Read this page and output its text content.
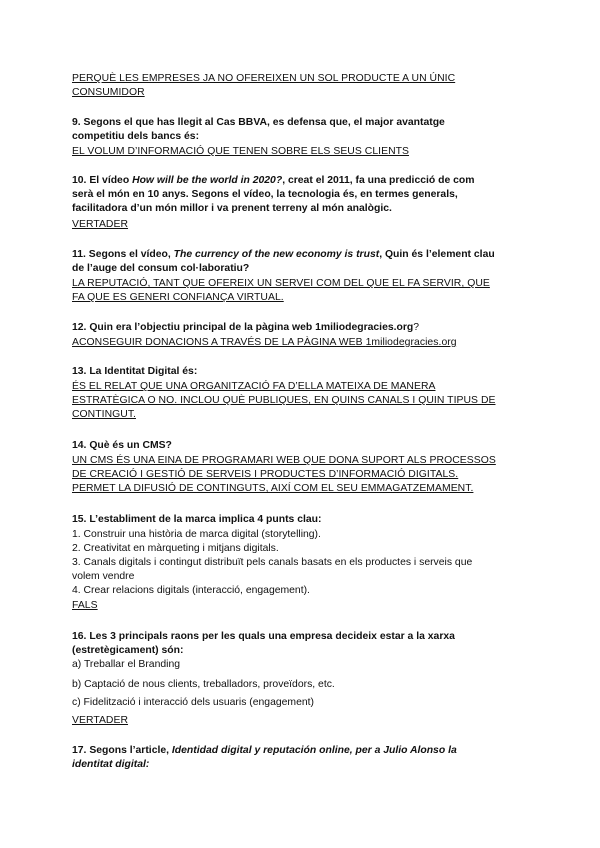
PERQUÈ LES EMPRESES JA NO OFEREIXEN UN SOL PRODUCTE A UN ÚNIC
CONSUMIDOR
9. Segons el que has llegit al Cas BBVA, es defensa que, el major avantatge
competitiu dels bancs és:
EL VOLUM D’INFORMACIÓ QUE TENEN SOBRE ELS SEUS CLIENTS
10. El vídeo How will be the world in 2020?, creat el 2011, fa una predicció de com
serà el món en 10 anys. Segons el vídeo, la tecnologia és, en termes generals,
facilitadora d’un món millor i va prenent terreny al món analògic.
VERTADER
11. Segons el vídeo, The currency of the new economy is trust, Quin és l’element clau
de l’auge del consum col·laboratiu?
LA REPUTACIÓ, TANT QUE OFEREIX UN SERVEI COM DEL QUE EL FA SERVIR, QUE
FA QUE ES GENERI CONFIANÇA VIRTUAL.
12. Quin era l’objectiu principal de la pàgina web 1miliodegracies.org?
ACONSEGUIR DONACIONS A TRAVÉS DE LA PÀGINA WEB 1miliodegracies.org
13. La Identitat Digital és:
ÉS EL RELAT QUE UNA ORGANITZACIÓ FA D’ELLA MATEIXA DE MANERA
ESTRATÈGICA O NO. INCLOU QUÈ PUBLIQUES, EN QUINS CANALS I QUIN TIPUS DE
CONTINGUT.
14. Què és un CMS?
UN CMS ÉS UNA EINA DE PROGRAMARI WEB QUE DONA SUPORT ALS PROCESSOS
DE CREACIÓ I GESTIÓ DE SERVEIS I PRODUCTES D’INFORMACIÓ DIGITALS.
PERMET LA DIFUSIÓ DE CONTINGUTS, AIXÍ COM EL SEU EMMAGATZEMAMENT.
15. L’establiment de la marca implica 4 punts clau:
1. Construir una història de marca digital (storytelling).
2. Creativitat en màrqueting i mitjans digitals.
3. Canals digitals i contingut distribuït pels canals basats en els productes i serveis que
volem vendre
4. Crear relacions digitals (interacció, engagement).
FALS
16. Les 3 principals raons per les quals una empresa decideix estar a la xarxa
(estretègicament) són:
a) Treballar el Branding
b) Captació de nous clients, treballadors, proveïdors, etc.
c) Fidelització i interacció dels usuaris (engagement)
VERTADER
17. Segons l’article, Identidad digital y reputación online, per a Julio Alonso la
identitat digital:
